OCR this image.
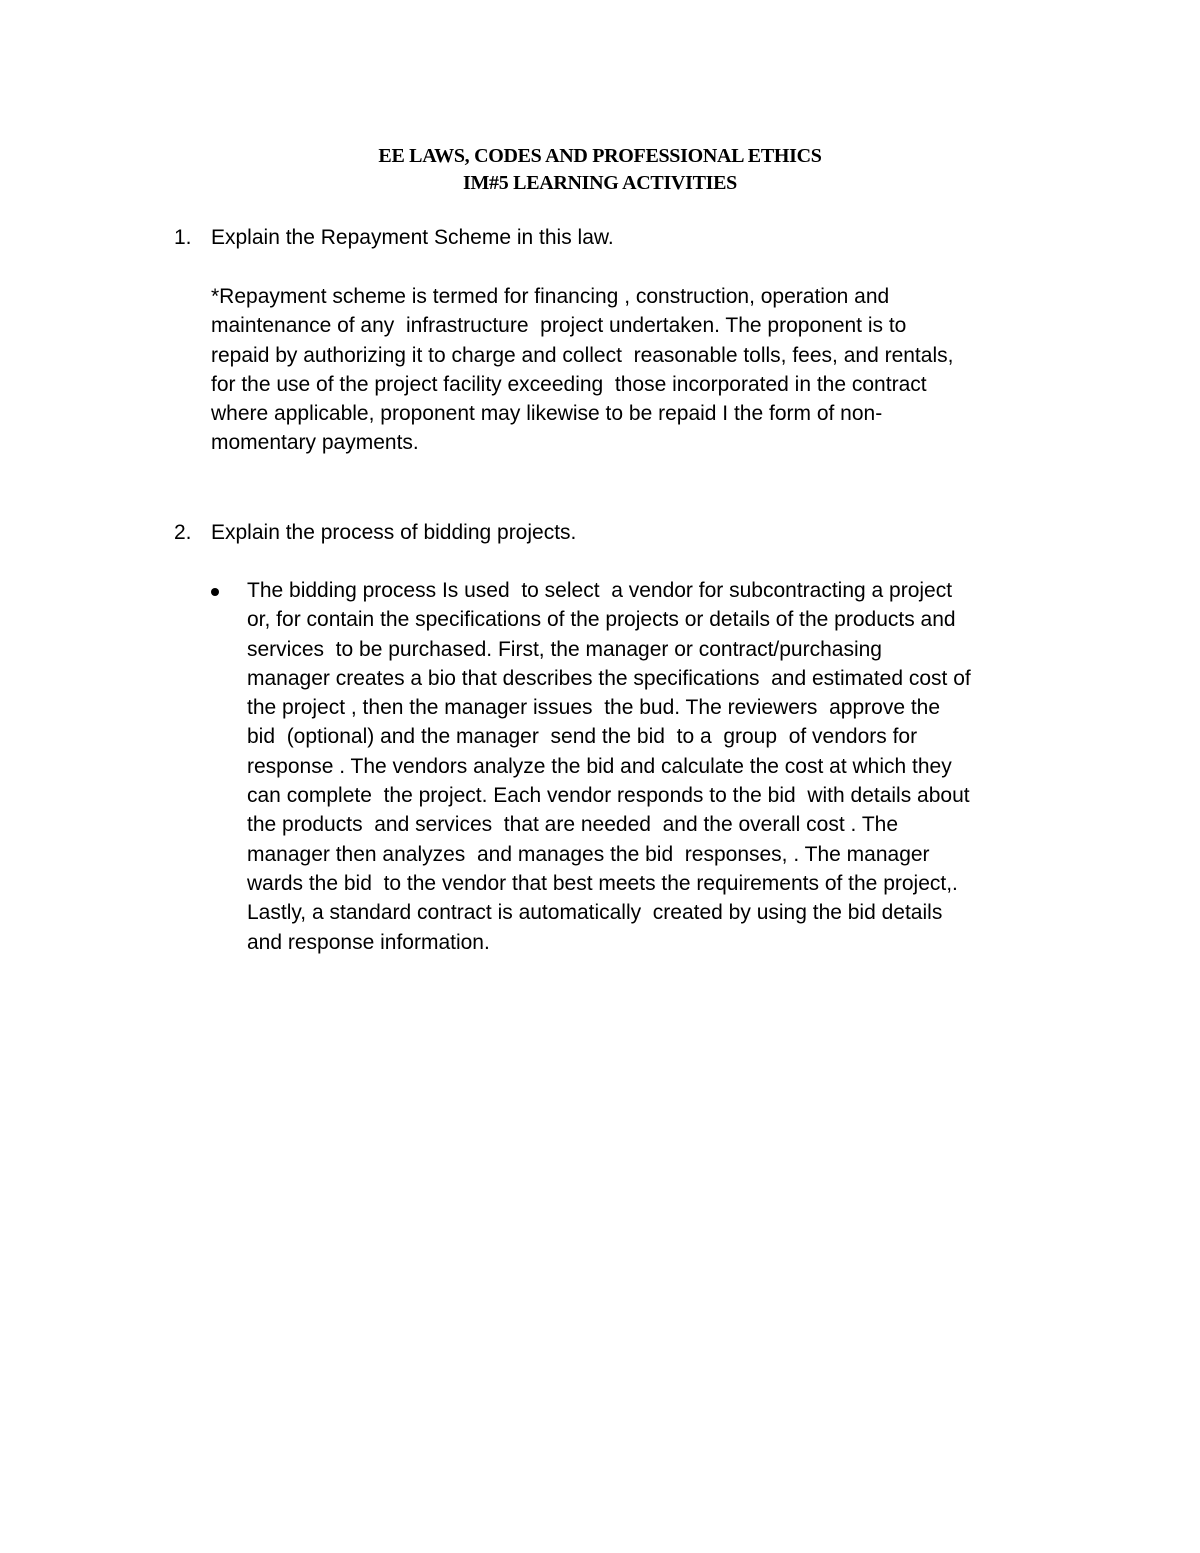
EE LAWS, CODES AND PROFESSIONAL ETHICS
IM#5 LEARNING ACTIVITIES
1. Explain the Repayment Scheme in this law.
*Repayment scheme is termed for financing , construction, operation and
maintenance of any  infrastructure  project undertaken. The proponent is to
repaid by authorizing it to charge and collect  reasonable tolls, fees, and rentals,
for the use of the project facility exceeding  those incorporated in the contract
where applicable, proponent may likewise to be repaid I the form of non-
momentary payments.
2. Explain the process of bidding projects.
The bidding process Is used  to select  a vendor for subcontracting a project
or, for contain the specifications of the projects or details of the products and
services  to be purchased. First, the manager or contract/purchasing
manager creates a bio that describes the specifications  and estimated cost of
the project , then the manager issues  the bud. The reviewers  approve the
bid  (optional) and the manager  send the bid  to a  group  of vendors for
response . The vendors analyze the bid and calculate the cost at which they
can complete  the project. Each vendor responds to the bid  with details about
the products  and services  that are needed  and the overall cost . The
manager then analyzes  and manages the bid  responses, . The manager
wards the bid  to the vendor that best meets the requirements of the project,.
Lastly, a standard contract is automatically  created by using the bid details
and response information.
